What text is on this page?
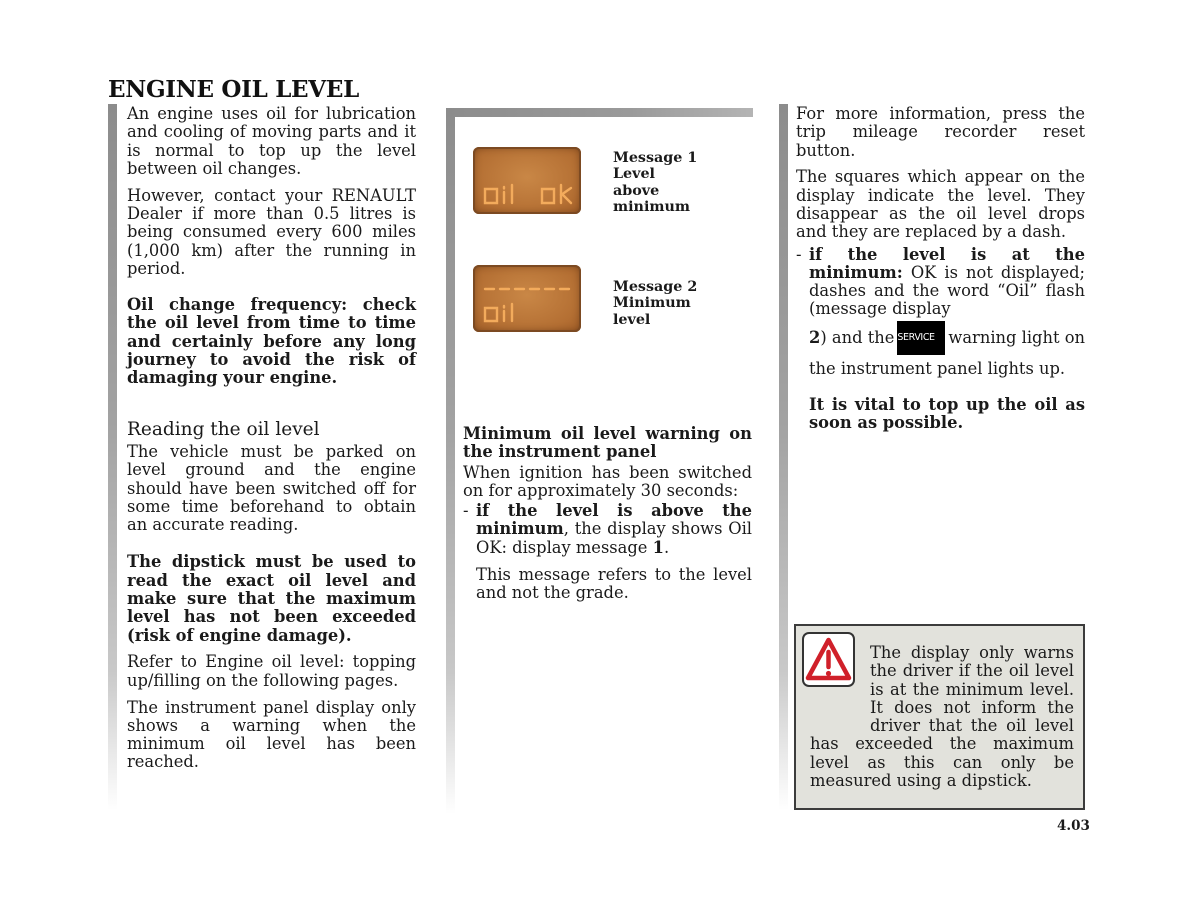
ENGINE OIL LEVEL

An engine uses oil for lubrication and cooling of moving parts and it is normal to top up the level between oil changes.

However, contact your RENAULT Dealer if more than 0.5 litres is being consumed every 600 miles (1,000 km) after the running in period.

Oil change frequency: check the oil level from time to time and certainly before any long journey to avoid the risk of damaging your engine.

Reading the oil level

The vehicle must be parked on level ground and the engine should have been switched off for some time beforehand to obtain an accurate reading.

The dipstick must be used to read the exact oil level and make sure that the maximum level has not been exceeded (risk of engine damage).

Refer to Engine oil level: topping up/filling on the following pages.

The instrument panel display only shows a warning when the minimum oil level has been reached.

Message 1
Level
above
minimum
Message 2
Minimum
level
Minimum oil level warning on the instrument panel

When ignition has been switched on for approximately 30 seconds:

- if the level is above the minimum, the display shows Oil OK: display message 1.

This message refers to the level and not the grade.

For more information, press the trip mileage recorder reset button.

The squares which appear on the display indicate the level. They disappear as the oil level drops and they are replaced by a dash.

- if the level is at the minimum: OK is not displayed; dashes and the word “Oil” flash (message display

2) and the SERVICE warning light on

the instrument panel lights up.

It is vital to top up the oil as soon as possible.

The display only warns the driver if the oil level is at the minimum level. It does not inform the driver that the oil level has exceeded the maximum level as this can only be measured using a dipstick.
4.03
